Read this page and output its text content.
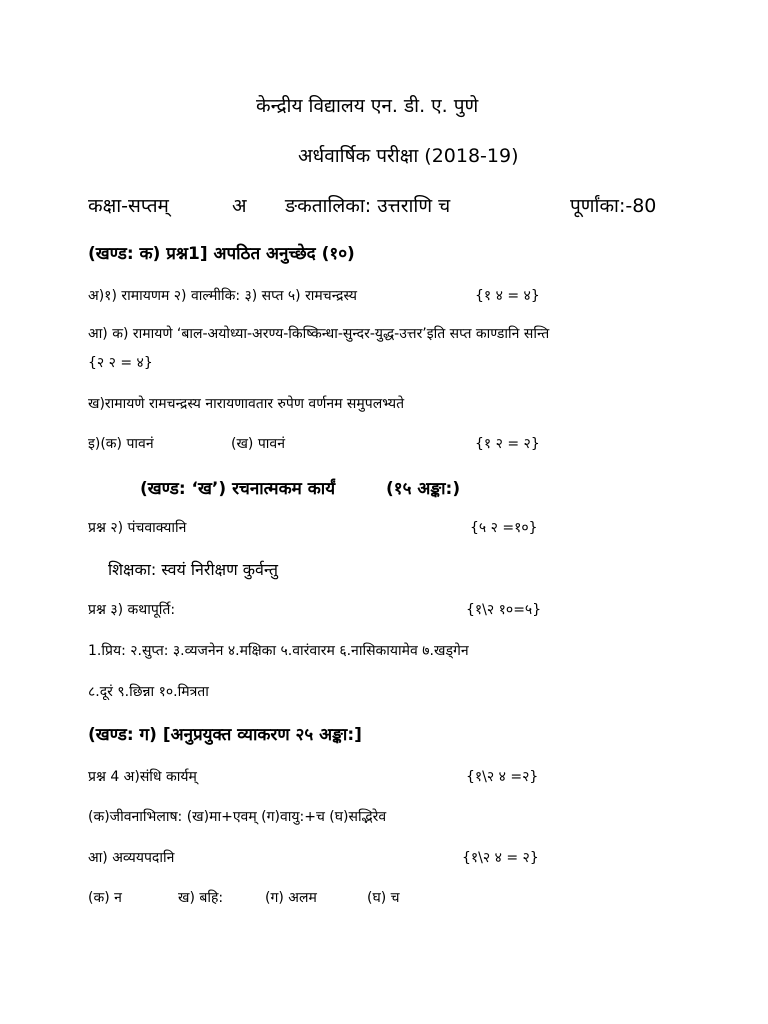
केन्द्रीय विद्यालय एन. डी. ए. पुणे
अर्धवार्षिक परीक्षा (2018-19)
कक्षा-सप्तम्	अ ङकतालिका: उत्तराणि च	पूर्णांका:-80
(खण्ड: क) प्रश्न1] अपठित अनुच्छेद (१०)
अ)१) रामायणम २) वाल्मीकि: ३) सप्त ५) रामचन्द्रस्य	{१ ४ = ४}
आ) क) रामायणे ‘बाल-अयोध्या-अरण्य-किष्किन्धा-सुन्दर-युद्ध-उत्तर’इति सप्त काण्डानि सन्ति
{२ २ = ४}
ख)रामायणे रामचन्द्रस्य नारायणावतार रुपेण वर्णनम समुपलभ्यते
इ)(क) पावनं	(ख) पावनं	{१ २ = २}
(खण्ड: ‘ख’) रचनात्मकम कार्यं	(१५ अङ्का:)
प्रश्न २) पंचवाक्यानि	{५ २ =१०}
शिक्षका: स्वयं निरीक्षण कुर्वन्तु
प्रश्न ३) कथापूर्ति:	{१\२ १०=५}
1.प्रिय: २.सुप्त: ३.व्यजनेन ४.मक्षिका ५.वारंवारम ६.नासिकायामेव ७.खड्गेन
८.दूरं ९.छिन्ना १०.मित्रता
(खण्ड: ग) [अनुप्रयुक्त व्याकरण २५ अङ्का:]
प्रश्न 4 अ)संधि कार्यम्	{१\२ ४ =२}
(क)जीवनाभिलाष: (ख)मा+एवम् (ग)वायु:+च (घ)सद्भिरेव
आ) अव्ययपदानि	{१\२ ४ = २}
(क) न	ख) बहि:	(ग) अलम	(घ) च
